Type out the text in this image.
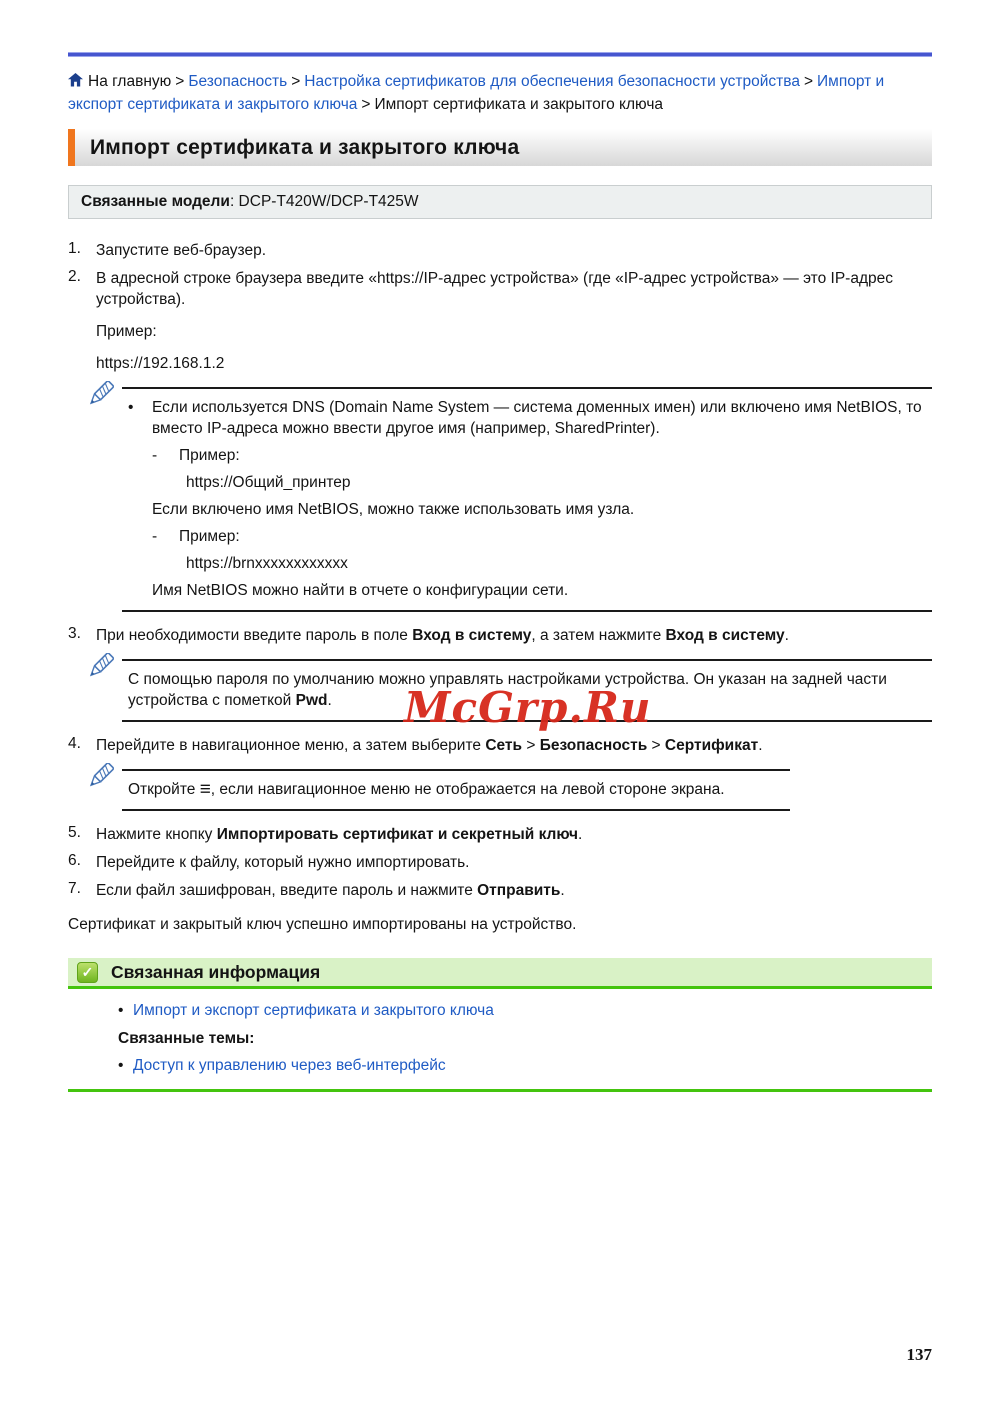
На главную > Безопасность > Настройка сертификатов для обеспечения безопасности устройства > Импорт и экспорт сертификата и закрытого ключа > Импорт сертификата и закрытого ключа
Импорт сертификата и закрытого ключа
Связанные модели: DCP-T420W/DCP-T425W
1. Запустите веб-браузер.
2. В адресной строке браузера введите «https://IP-адрес устройства» (где «IP-адрес устройства» — это IP-адрес устройства).
Пример:
https://192.168.1.2
•	Если используется DNS (Domain Name System — система доменных имен) или включено имя NetBIOS, то вместо IP-адреса можно ввести другое имя (например, SharedPrinter).
-	Пример:
https://Общий_принтер
Если включено имя NetBIOS, можно также использовать имя узла.
-	Пример:
https://brnxxxxxxxxxxxx
Имя NetBIOS можно найти в отчете о конфигурации сети.
3. При необходимости введите пароль в поле Вход в систему, а затем нажмите Вход в систему.
С помощью пароля по умолчанию можно управлять настройками устройства. Он указан на задней части устройства с пометкой Pwd.
4. Перейдите в навигационное меню, а затем выберите Сеть > Безопасность > Сертификат.
Откройте ≡, если навигационное меню не отображается на левой стороне экрана.
5. Нажмите кнопку Импортировать сертификат и секретный ключ.
6. Перейдите к файлу, который нужно импортировать.
7. Если файл зашифрован, введите пароль и нажмите Отправить.
Сертификат и закрытый ключ успешно импортированы на устройство.
✓ Связанная информация
• Импорт и экспорт сертификата и закрытого ключа
Связанные темы:
• Доступ к управлению через веб-интерфейс
McGrp.Ru
137
